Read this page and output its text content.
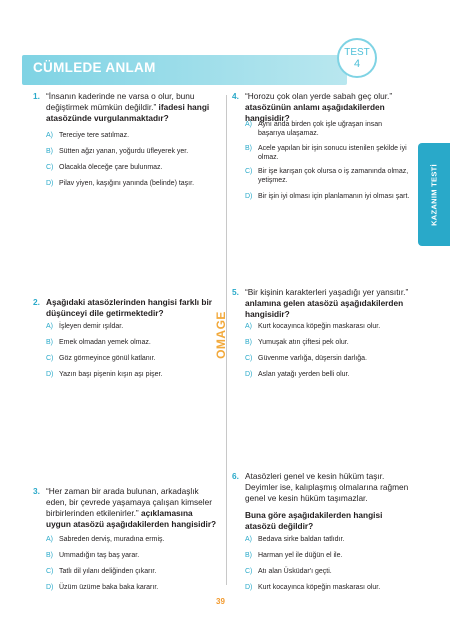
CÜMLEDE ANLAM
TEST
4
KAZANIM TESTİ
OMAGE
1. “İnsanın kaderinde ne varsa o olur, bunu değiştirmek mümkün değildir.” ifadesi hangi atasözünde vurgulanmaktadır?
A) Tereciye tere satılmaz.
B) Sütten ağzı yanan, yoğurdu üfleyerek yer.
C) Olacakla öleceğe çare bulunmaz.
D) Pilav yiyen, kaşığını yanında (belinde) taşır.
2. Aşağıdaki atasözlerinden hangisi farklı bir düşünceyi dile getirmektedir?
A) İşleyen demir ışıldar.
B) Emek olmadan yemek olmaz.
C) Göz görmeyince gönül katlanır.
D) Yazın başı pişenin kışın aşı pişer.
3. “Her zaman bir arada bulunan, arkadaşlık eden, bir çevrede yaşamaya çalışan kimseler birbirlerinden etkilenirler.” açıklamasına uygun atasözü aşağıdakilerden hangisidir?
A) Sabreden derviş, muradına ermiş.
B) Ummadığın taş baş yarar.
C) Tatlı dil yılanı deliğinden çıkarır.
D) Üzüm üzüme baka baka kararır.
4. “Horozu çok olan yerde sabah geç olur.” atasözünün anlamı aşağıdakilerden hangisidir?
A) Aynı anda birden çok işle uğraşan insan başarıya ulaşamaz.
B) Acele yapılan bir işin sonucu istenilen şekilde iyi olmaz.
C) Bir işe karışan çok olursa o iş zamanında olmaz, yetişmez.
D) Bir işin iyi olması için planlamanın iyi olması şart.
5. “Bir kişinin karakterleri yaşadığı yer yansıtır.” anlamına gelen atasözü aşağıdakilerden hangisidir?
A) Kurt kocayınca köpeğin maskarası olur.
B) Yumuşak atın çiftesi pek olur.
C) Güvenme varlığa, düşersin darlığa.
D) Aslan yatağı yerden belli olur.
6. Atasözleri genel ve kesin hüküm taşır. Deyimler ise, kalıplaşmış olmalarına rağmen genel ve kesin hüküm taşımazlar.
Buna göre aşağıdakilerden hangisi atasözü değildir?
A) Bedava sirke baldan tatlıdır.
B) Harman yel ile düğün el ile.
C) Atı alan Üsküdar'ı geçti.
D) Kurt kocayınca köpeğin maskarası olur.
39
